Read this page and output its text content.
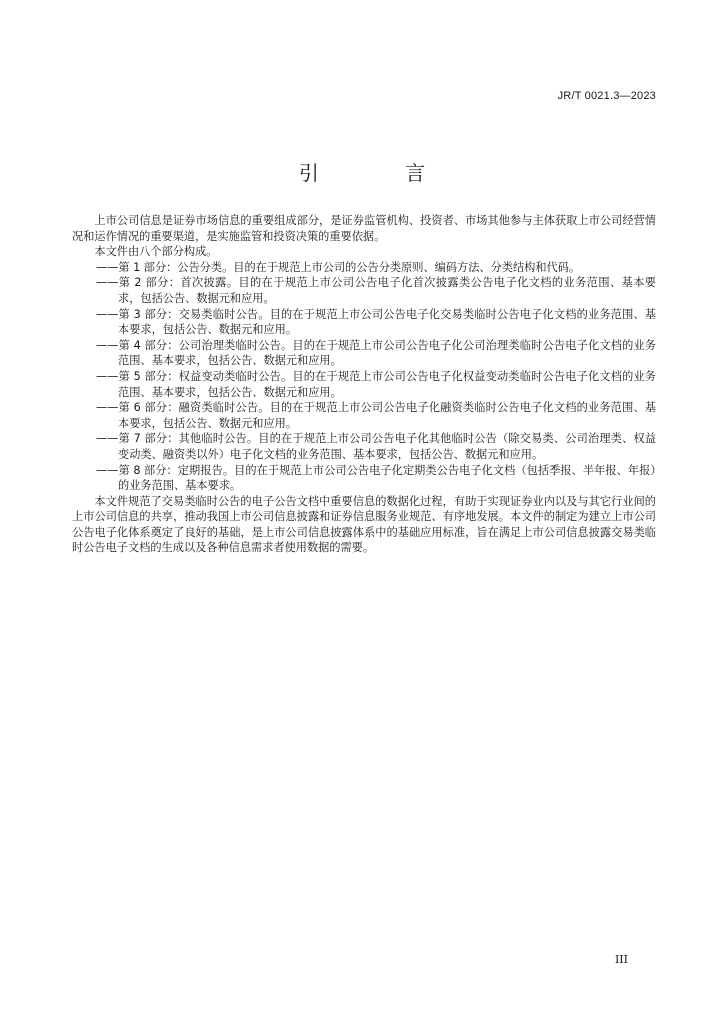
JR/T 0021.3—2023
引 言

上市公司信息是证券市场信息的重要组成部分，是证券监管机构、投资者、市场其他参与主体获取上市公司经营情况和运作情况的重要渠道，是实施监管和投资决策的重要依据。

本文件由八个部分构成。

——第 1 部分：公告分类。目的在于规范上市公司的公告分类原则、编码方法、分类结构和代码。

——第 2 部分：首次披露。目的在于规范上市公司公告电子化首次披露类公告电子化文档的业务范围、基本要求，包括公告、数据元和应用。

——第 3 部分：交易类临时公告。目的在于规范上市公司公告电子化交易类临时公告电子化文档的业务范围、基本要求，包括公告、数据元和应用。

——第 4 部分：公司治理类临时公告。目的在于规范上市公司公告电子化公司治理类临时公告电子化文档的业务范围、基本要求，包括公告、数据元和应用。

——第 5 部分：权益变动类临时公告。目的在于规范上市公司公告电子化权益变动类临时公告电子化文档的业务范围、基本要求，包括公告、数据元和应用。

——第 6 部分：融资类临时公告。目的在于规范上市公司公告电子化融资类临时公告电子化文档的业务范围、基本要求，包括公告、数据元和应用。

——第 7 部分：其他临时公告。目的在于规范上市公司公告电子化其他临时公告（除交易类、公司治理类、权益变动类、融资类以外）电子化文档的业务范围、基本要求，包括公告、数据元和应用。

——第 8 部分：定期报告。目的在于规范上市公司公告电子化定期类公告电子化文档（包括季报、半年报、年报）的业务范围、基本要求。

本文件规范了交易类临时公告的电子公告文档中重要信息的数据化过程，有助于实现证券业内以及与其它行业间的上市公司信息的共享，推动我国上市公司信息披露和证券信息服务业规范、有序地发展。本文件的制定为建立上市公司公告电子化体系奠定了良好的基础，是上市公司信息披露体系中的基础应用标准，旨在满足上市公司信息披露交易类临时公告电子文档的生成以及各种信息需求者使用数据的需要。

III
